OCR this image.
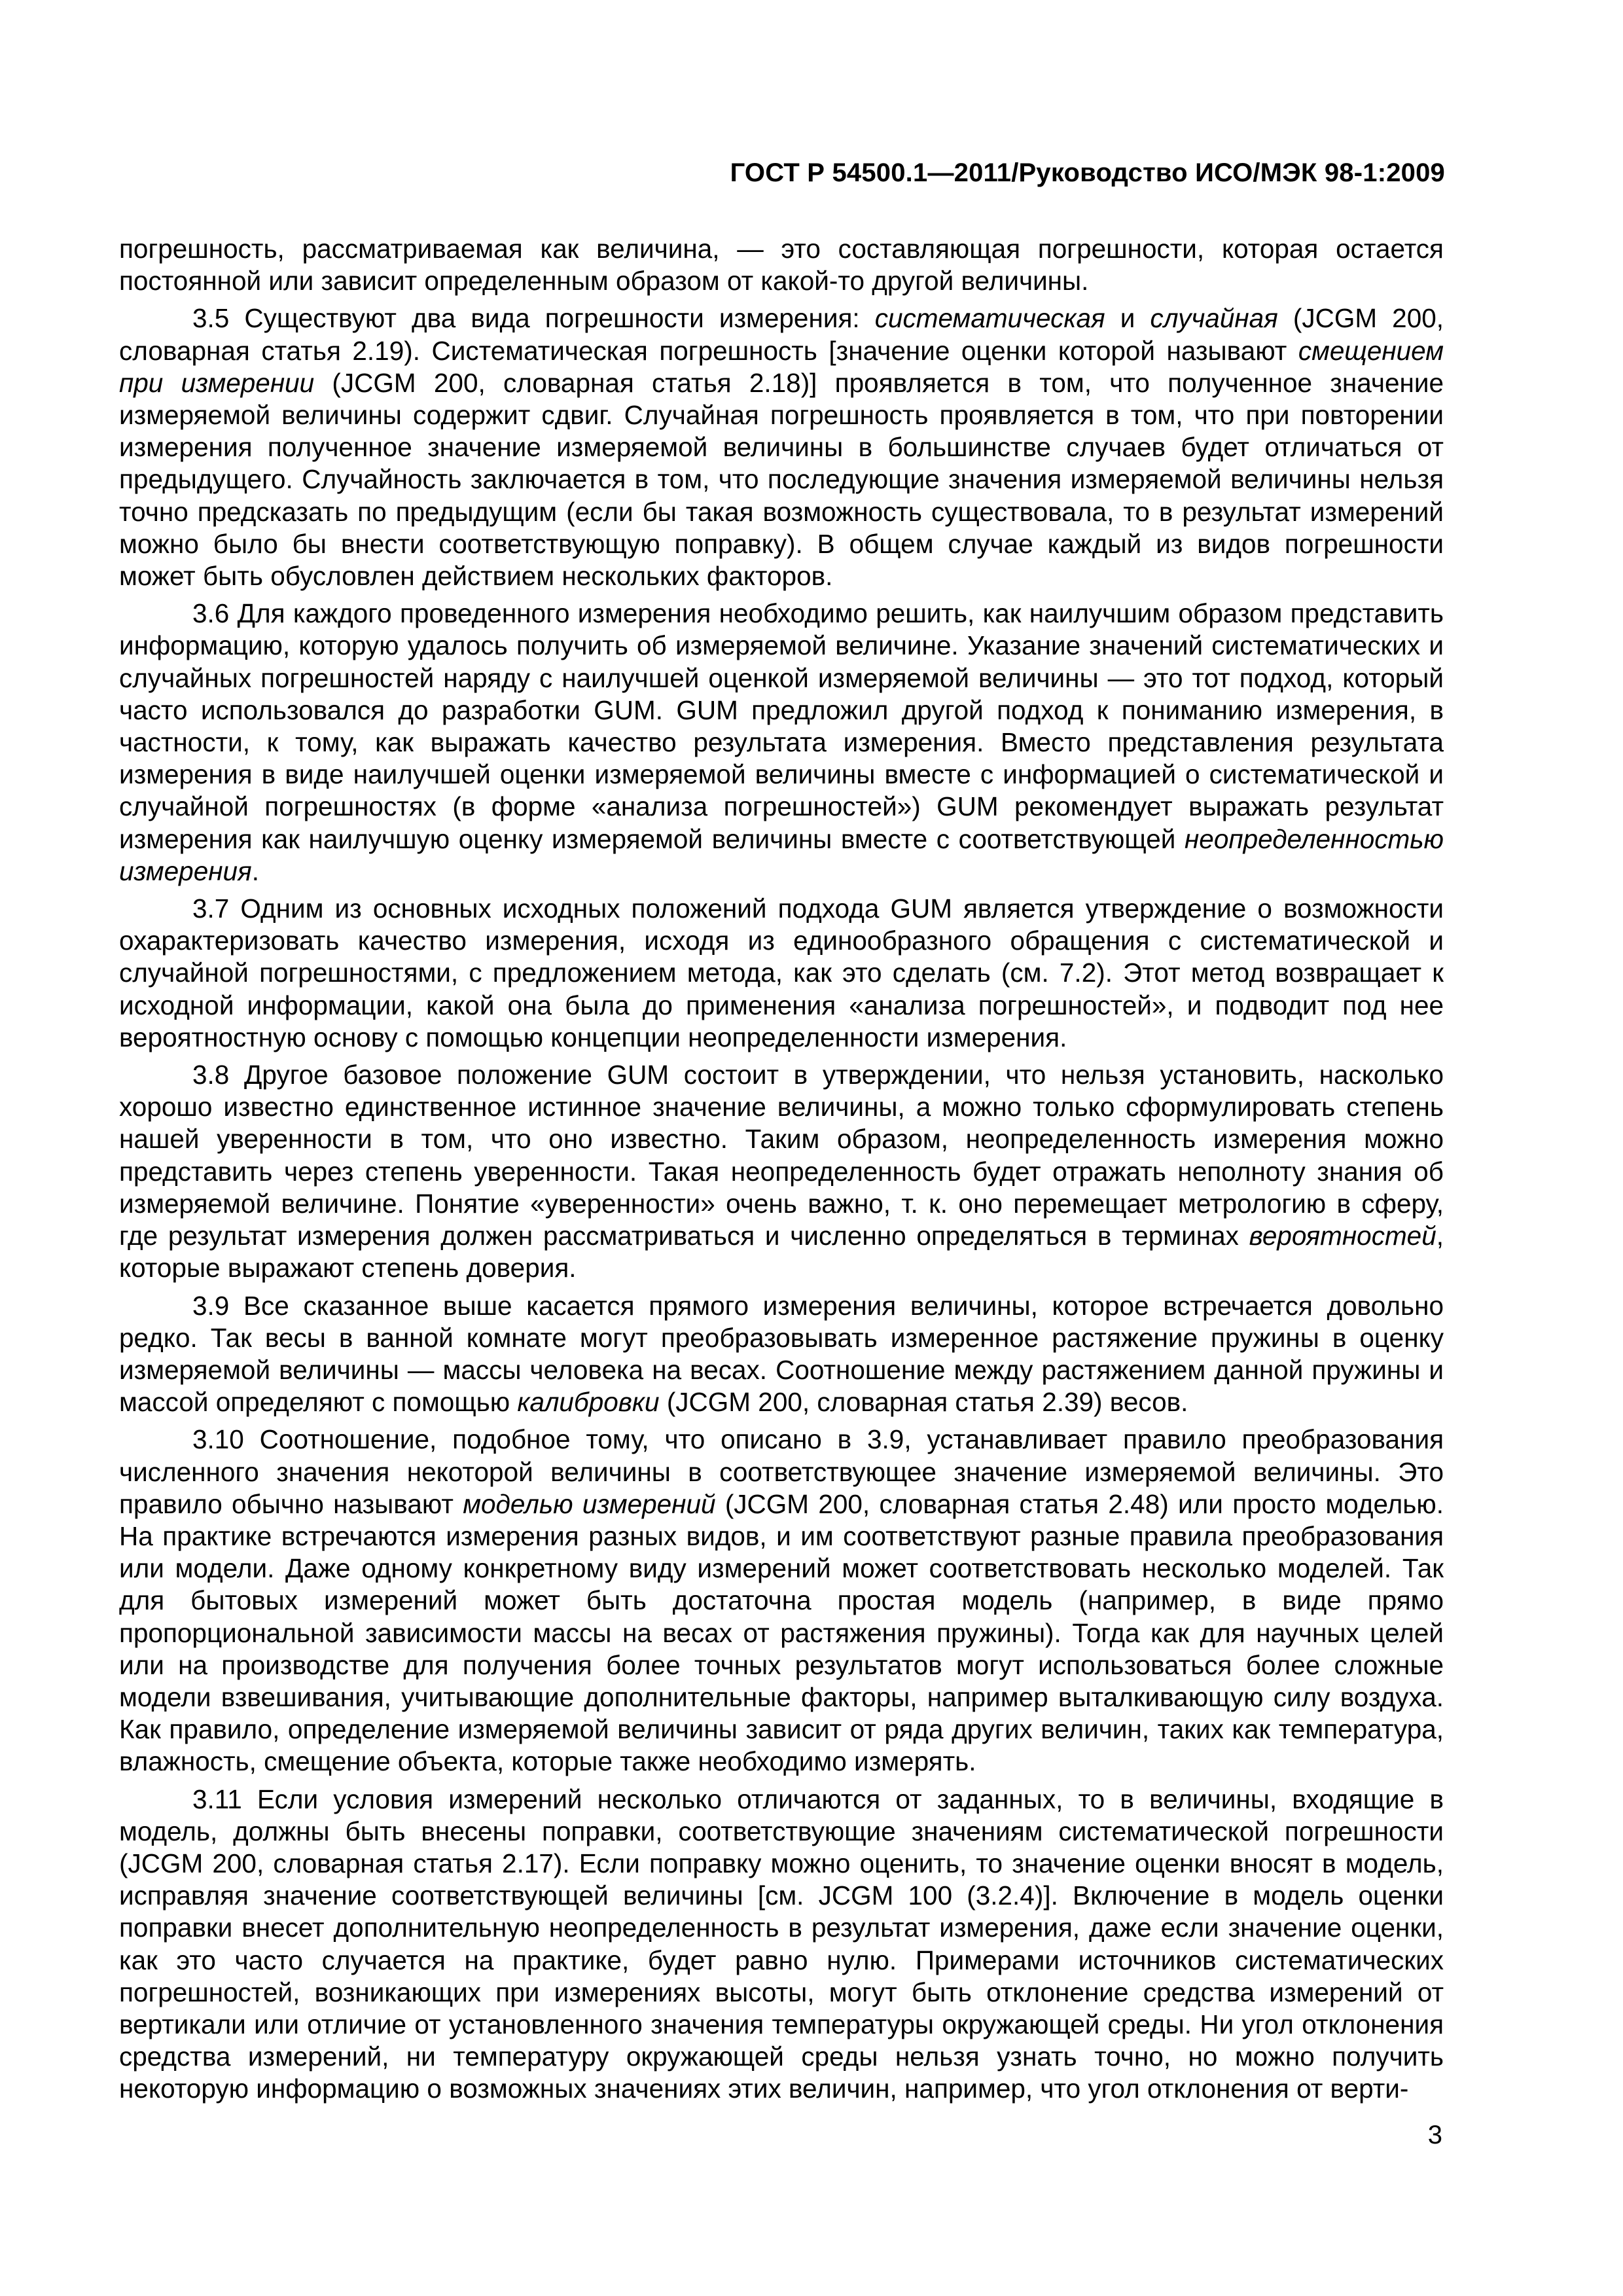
ГОСТ Р 54500.1—2011/Руководство ИСО/МЭК 98-1:2009

погрешность, рассматриваемая как величина, — это составляющая погрешности, которая остается постоянной или зависит определенным образом от какой-то другой величины.

3.5 Существуют два вида погрешности измерения: систематическая и случайная (JCGM 200, словарная статья 2.19). Систематическая погрешность [значение оценки которой называют смещением при измерении (JCGM 200, словарная статья 2.18)] проявляется в том, что полученное значение измеряемой величины содержит сдвиг. Случайная погрешность проявляется в том, что при повторении измерения полученное значение измеряемой величины в большинстве случаев будет отличаться от предыдущего. Случайность заключается в том, что последующие значения измеряемой величины нельзя точно предсказать по предыдущим (если бы такая возможность существовала, то в результат измерений можно было бы внести соответствующую поправку). В общем случае каждый из видов погрешности может быть обусловлен действием нескольких факторов.

3.6 Для каждого проведенного измерения необходимо решить, как наилучшим образом представить информацию, которую удалось получить об измеряемой величине. Указание значений систематических и случайных погрешностей наряду с наилучшей оценкой измеряемой величины — это тот подход, который часто использовался до разработки GUM. GUM предложил другой подход к пониманию измерения, в частности, к тому, как выражать качество результата измерения. Вместо представления результата измерения в виде наилучшей оценки измеряемой величины вместе с информацией о систематической и случайной погрешностях (в форме «анализа погрешностей») GUM рекомендует выражать результат измерения как наилучшую оценку измеряемой величины вместе с соответствующей неопределенностью измерения.

3.7 Одним из основных исходных положений подхода GUM является утверждение о возможности охарактеризовать качество измерения, исходя из единообразного обращения с систематической и случайной погрешностями, с предложением метода, как это сделать (см. 7.2). Этот метод возвращает к исходной информации, какой она была до применения «анализа погрешностей», и подводит под нее вероятностную основу с помощью концепции неопределенности измерения.

3.8 Другое базовое положение GUM состоит в утверждении, что нельзя установить, насколько хорошо известно единственное истинное значение величины, а можно только сформулировать степень нашей уверенности в том, что оно известно. Таким образом, неопределенность измерения можно представить через степень уверенности. Такая неопределенность будет отражать неполноту знания об измеряемой величине. Понятие «уверенности» очень важно, т. к. оно перемещает метрологию в сферу, где результат измерения должен рассматриваться и численно определяться в терминах вероятностей, которые выражают степень доверия.

3.9 Все сказанное выше касается прямого измерения величины, которое встречается довольно редко. Так весы в ванной комнате могут преобразовывать измеренное растяжение пружины в оценку измеряемой величины — массы человека на весах. Соотношение между растяжением данной пружины и массой определяют с помощью калибровки (JCGM 200, словарная статья 2.39) весов.

3.10 Соотношение, подобное тому, что описано в 3.9, устанавливает правило преобразования численного значения некоторой величины в соответствующее значение измеряемой величины. Это правило обычно называют моделью измерений (JCGM 200, словарная статья 2.48) или просто моделью. На практике встречаются измерения разных видов, и им соответствуют разные правила преобразования или модели. Даже одному конкретному виду измерений может соответствовать несколько моделей. Так для бытовых измерений может быть достаточна простая модель (например, в виде прямо пропорциональной зависимости массы на весах от растяжения пружины). Тогда как для научных целей или на производстве для получения более точных результатов могут использоваться более сложные модели взвешивания, учитывающие дополнительные факторы, например выталкивающую силу воздуха. Как правило, определение измеряемой величины зависит от ряда других величин, таких как температура, влажность, смещение объекта, которые также необходимо измерять.

3.11 Если условия измерений несколько отличаются от заданных, то в величины, входящие в модель, должны быть внесены поправки, соответствующие значениям систематической погрешности (JCGM 200, словарная статья 2.17). Если поправку можно оценить, то значение оценки вносят в модель, исправляя значение соответствующей величины [см. JCGM 100 (3.2.4)]. Включение в модель оценки поправки внесет дополнительную неопределенность в результат измерения, даже если значение оценки, как это часто случается на практике, будет равно нулю. Примерами источников систематических погрешностей, возникающих при измерениях высоты, могут быть отклонение средства измерений от вертикали или отличие от установленного значения температуры окружающей среды. Ни угол отклонения средства измерений, ни температуру окружающей среды нельзя узнать точно, но можно получить некоторую информацию о возможных значениях этих величин, например, что угол отклонения от верти-

3
